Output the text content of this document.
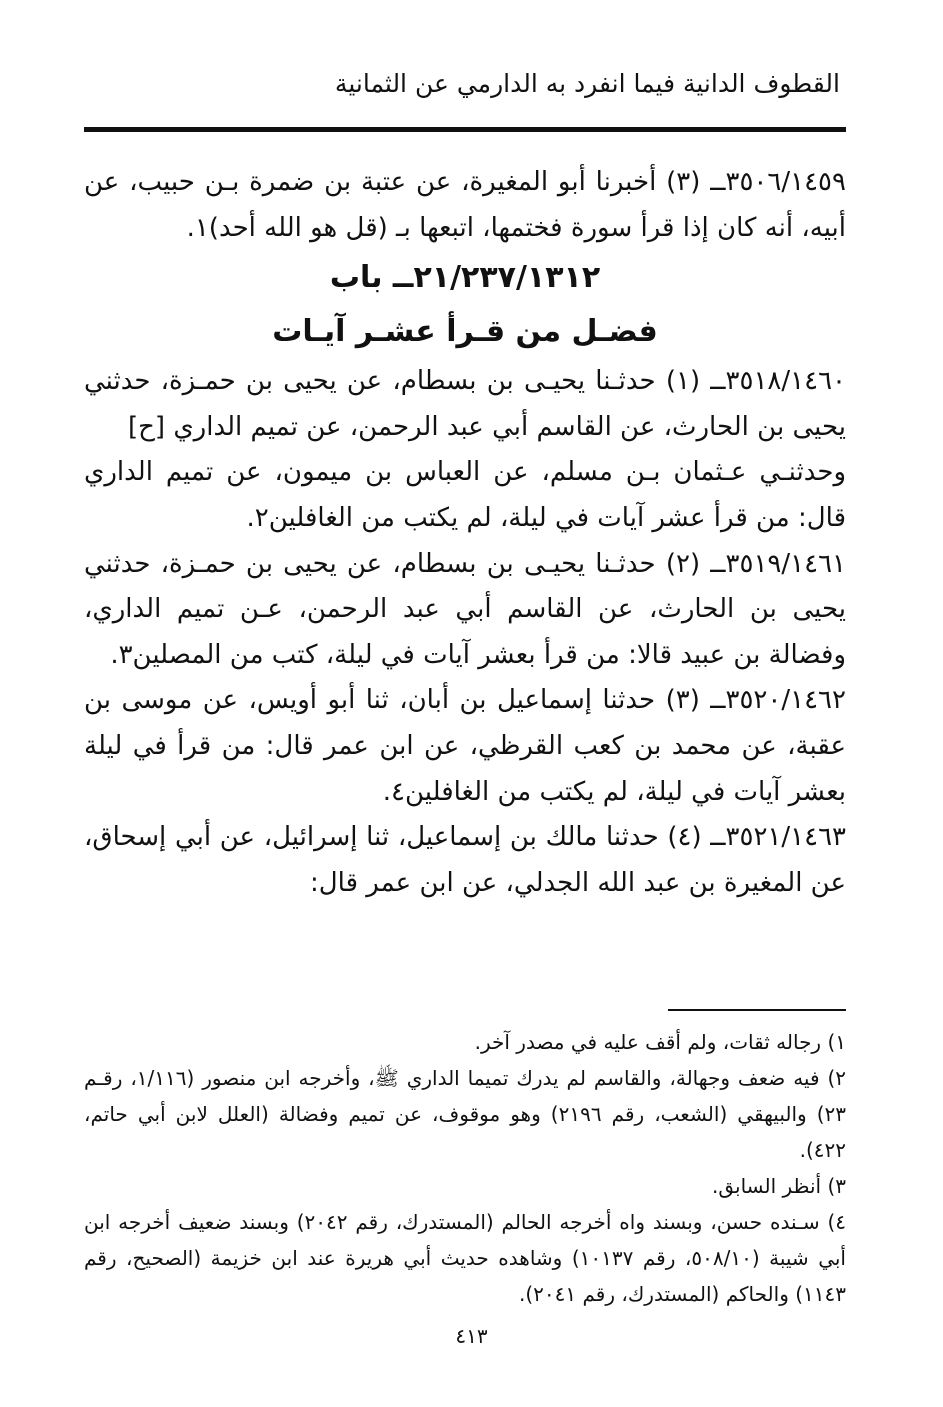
القطوف الدانية فيما انفرد به الدارمي عن الثمانية

٣٥٠٦/١٤٥٩ــ (٣) أخبرنا أبو المغيرة، عن عتبة بن ضمرة بـن حبيب، عن أبيه، أنه كان إذا قرأ سورة فختمها، اتبعها بـ (قل هو الله أحد)١.

٢١/٢٣٧/١٣١٢ــ باب

فضـل من قـرأ عشـر آيـات

٣٥١٨/١٤٦٠ــ (١) حدثـنا يحيـى بن بسطام، عن يحيى بن حمـزة، حدثني يحيى بن الحارث، عن القاسم أبي عبد الرحمن، عن تميم الداري [ح]

وحدثنـي عـثمان بـن مسلم، عن العباس بن ميمون، عن تميم الداري قال: من قرأ عشر آيات في ليلة، لم يكتب من الغافلين٢.

٣٥١٩/١٤٦١ــ (٢) حدثـنا يحيـى بن بسطام، عن يحيى بن حمـزة، حدثني يحيى بن الحارث، عن القاسم أبي عبد الرحمن، عـن تميم الداري، وفضالة بن عبيد قالا: من قرأ بعشر آيات في ليلة، كتب من المصلين٣.

٣٥٢٠/١٤٦٢ــ (٣) حدثنا إسماعيل بن أبان، ثنا أبو أويس، عن موسى بن عقبة، عن محمد بن كعب القرظي، عن ابن عمر قال: من قرأ في ليلة بعشر آيات في ليلة، لم يكتب من الغافلين٤.

٣٥٢١/١٤٦٣ــ (٤) حدثنا مالك بن إسماعيل، ثنا إسرائيل، عن أبي إسحاق، عن المغيرة بن عبد الله الجدلي، عن ابن عمر قال:

١) رجاله ثقات، ولم أقف عليه في مصدر آخر.

٢) فيه ضعف وجهالة، والقاسم لم يدرك تميما الداري ﷺ، وأخرجه ابن منصور (١/١١٦، رقـم ٢٣) والبيهقي (الشعب، رقم ٢١٩٦) وهو موقوف، عن تميم وفضالة (العلل لابن أبي حاتم، ٤٢٢).

٣) أنظر السابق.

٤) سـنده حسن، وبسند واه أخرجه الحالم (المستدرك، رقم ٢٠٤٢) وبسند ضعيف أخرجه ابن أبي شيبة (٥٠٨/١٠، رقم ١٠١٣٧) وشاهده حديث أبي هريرة عند ابن خزيمة (الصحيح، رقم ١١٤٣) والحاكم (المستدرك، رقم ٢٠٤١).

٤١٣
